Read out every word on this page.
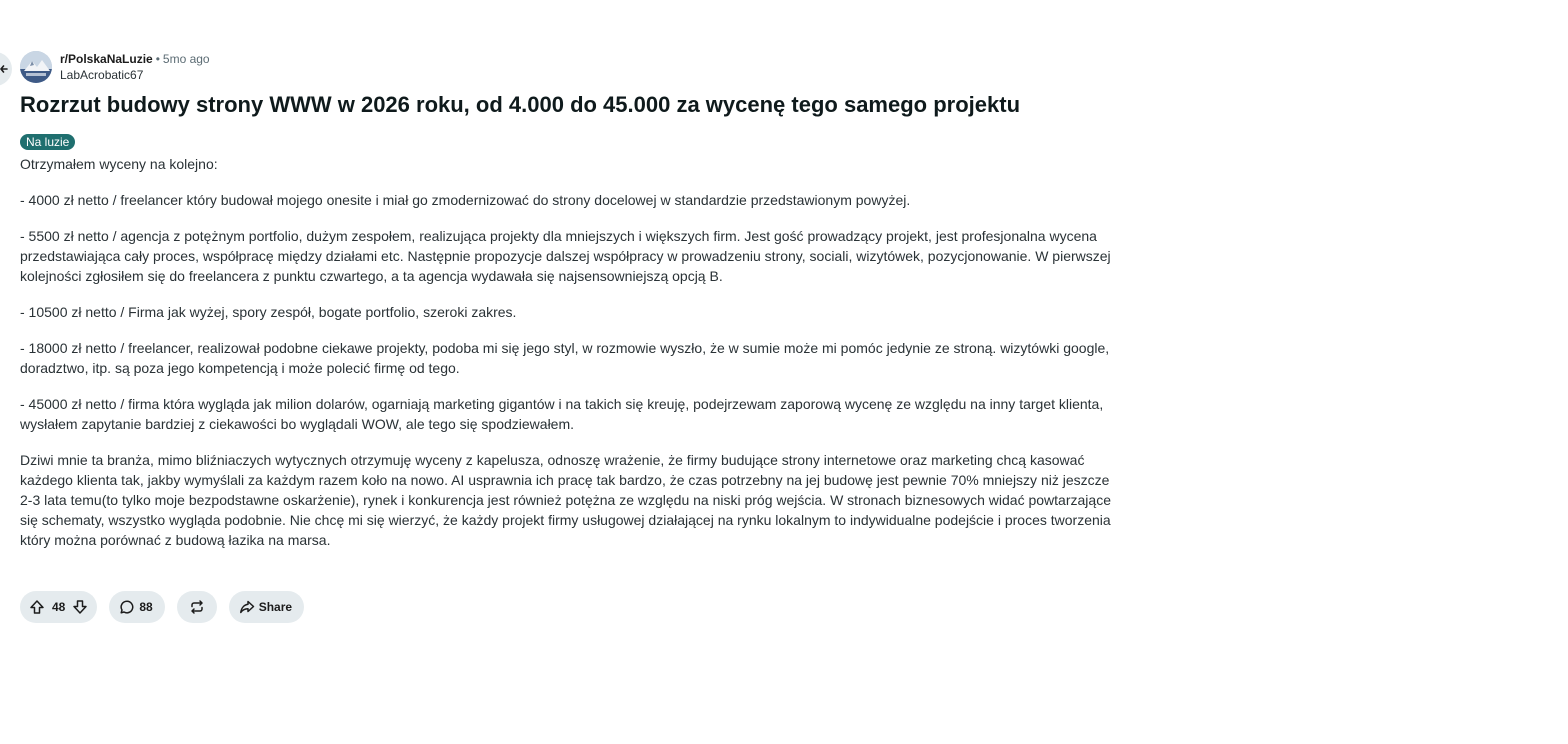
r/PolskaNaLuzie • 5mo ago
LabAcrobatic67
Rozrzut budowy strony WWW w 2026 roku, od 4.000 do 45.000 za wycenę tego samego projektu
Na luzie

Otrzymałem wyceny na kolejno:

- 4000 zł netto / freelancer który budował mojego onesite i miał go zmodernizować do strony docelowej w standardzie przedstawionym powyżej.

- 5500 zł netto / agencja z potężnym portfolio, dużym zespołem, realizująca projekty dla mniejszych i większych firm. Jest gość prowadzący projekt, jest profesjonalna wycena przedstawiająca cały proces, współpracę między działami etc. Następnie propozycje dalszej współpracy w prowadzeniu strony, sociali, wizytówek, pozycjonowanie. W pierwszej kolejności zgłosiłem się do freelancera z punktu czwartego, a ta agencja wydawała się najsensowniejszą opcją B.

- 10500 zł netto / Firma jak wyżej, spory zespół, bogate portfolio, szeroki zakres.

- 18000 zł netto / freelancer, realizował podobne ciekawe projekty, podoba mi się jego styl, w rozmowie wyszło, że w sumie może mi pomóc jedynie ze stroną. wizytówki google, doradztwo, itp. są poza jego kompetencją i może polecić firmę od tego.

- 45000 zł netto / firma która wygląda jak milion dolarów, ogarniają marketing gigantów i na takich się kreuję, podejrzewam zaporową wycenę ze względu na inny target klienta, wysłałem zapytanie bardziej z ciekawości bo wyglądali WOW, ale tego się spodziewałem.

Dziwi mnie ta branża, mimo bliźniaczych wytycznych otrzymuję wyceny z kapelusza, odnoszę wrażenie, że firmy budujące strony internetowe oraz marketing chcą kasować każdego klienta tak, jakby wymyślali za każdym razem koło na nowo. AI usprawnia ich pracę tak bardzo, że czas potrzebny na jej budowę jest pewnie 70% mniejszy niż jeszcze 2-3 lata temu(to tylko moje bezpodstawne oskarżenie), rynek i konkurencja jest również potężna ze względu na niski próg wejścia. W stronach biznesowych widać powtarzające się schematy, wszystko wygląda podobnie. Nie chcę mi się wierzyć, że każdy projekt firmy usługowej działającej na rynku lokalnym to indywidualne podejście i proces tworzenia który można porównać z budową łazika na marsa.

48	88	Share
